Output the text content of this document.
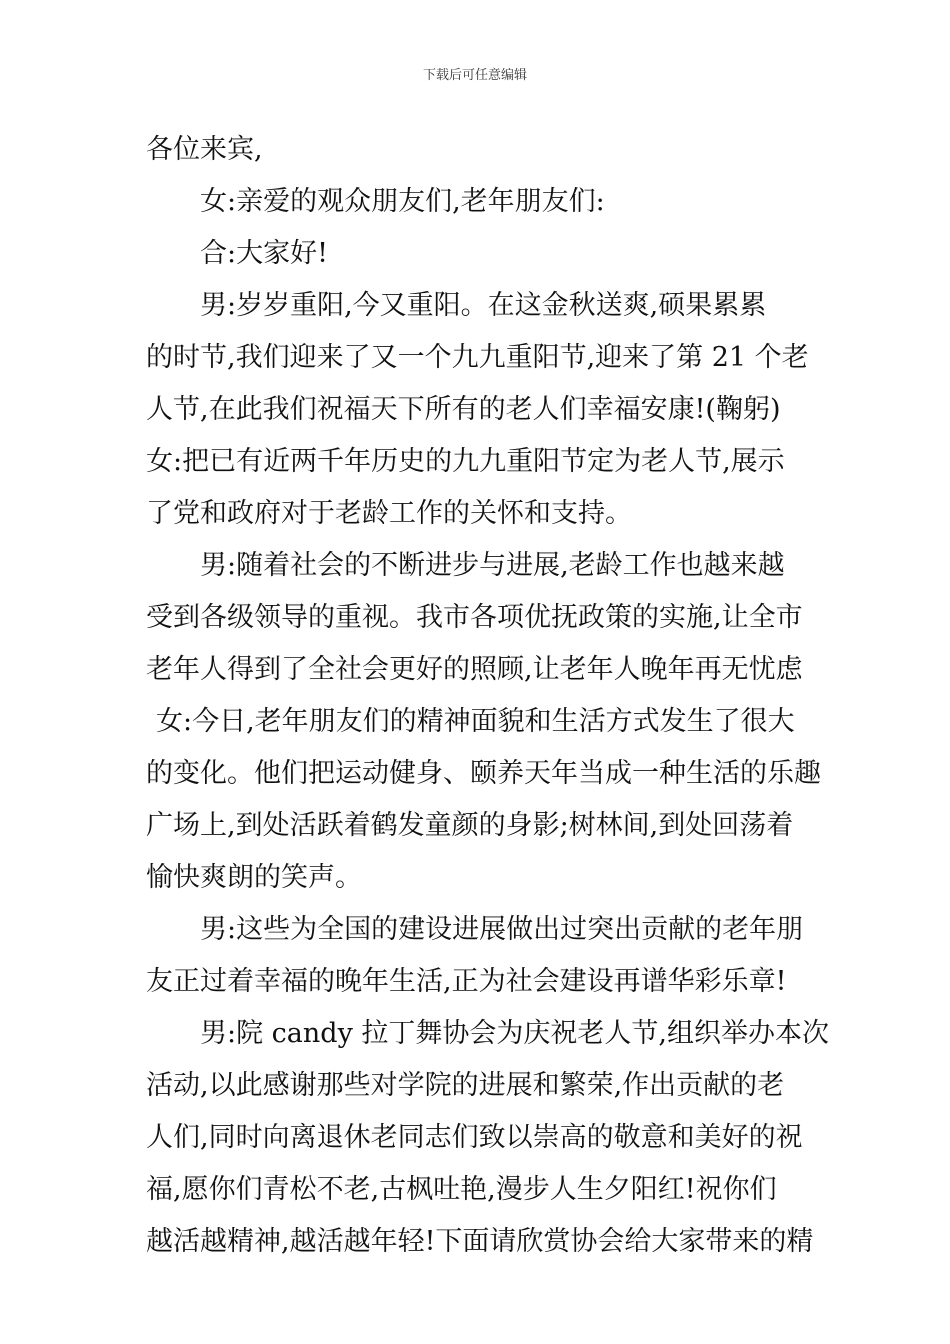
下载后可任意编辑
各位来宾,
女:亲爱的观众朋友们,老年朋友们:
合:大家好!
男:岁岁重阳,今又重阳。在这金秋送爽,硕果累累
的时节,我们迎来了又一个九九重阳节,迎来了第 21 个老
人节,在此我们祝福天下所有的老人们幸福安康!(鞠躬)
女:把已有近两千年历史的九九重阳节定为老人节,展示
了党和政府对于老龄工作的关怀和支持。
男:随着社会的不断进步与进展,老龄工作也越来越
受到各级领导的重视。我市各项优抚政策的实施,让全市
老年人得到了全社会更好的照顾,让老年人晚年再无忧虑
女:今日,老年朋友们的精神面貌和生活方式发生了很大
的变化。他们把运动健身、颐养天年当成一种生活的乐趣
广场上,到处活跃着鹤发童颜的身影;树林间,到处回荡着
愉快爽朗的笑声。
男:这些为全国的建设进展做出过突出贡献的老年朋
友正过着幸福的晚年生活,正为社会建设再谱华彩乐章!
男:院 candy 拉丁舞协会为庆祝老人节,组织举办本次
活动,以此感谢那些对学院的进展和繁荣,作出贡献的老
人们,同时向离退休老同志们致以崇高的敬意和美好的祝
福,愿你们青松不老,古枫吐艳,漫步人生夕阳红!祝你们
越活越精神,越活越年轻!下面请欣赏协会给大家带来的精
